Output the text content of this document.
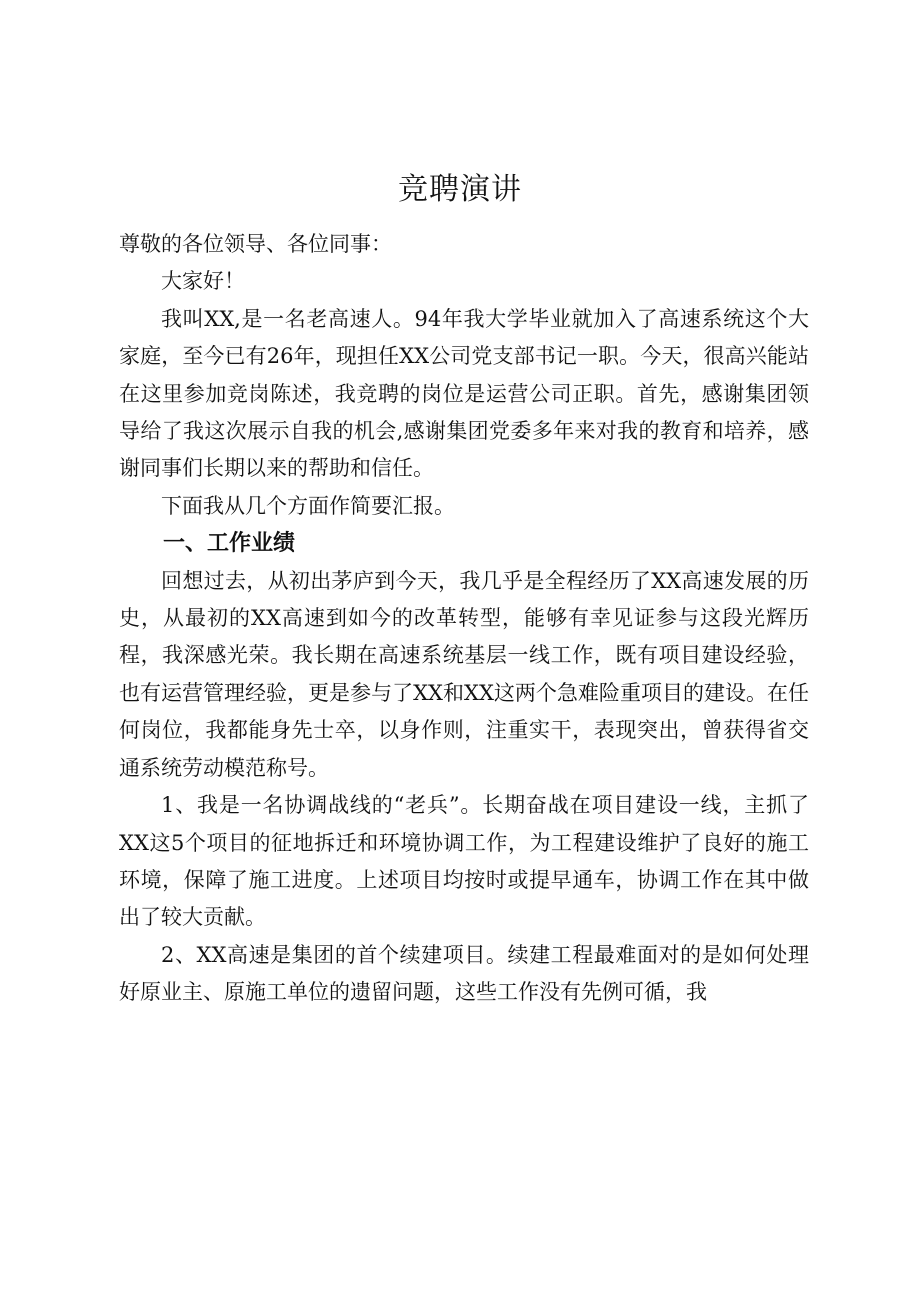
竞聘演讲

尊敬的各位领导、各位同事：

大家好！

我叫XX,是一名老高速人。94年我大学毕业就加入了高速系统这个大家庭，至今已有26年，现担任XX公司党支部书记一职。今天，很高兴能站在这里参加竞岗陈述，我竞聘的岗位是运营公司正职。首先，感谢集团领导给了我这次展示自我的机会,感谢集团党委多年来对我的教育和培养，感谢同事们长期以来的帮助和信任。

下面我从几个方面作简要汇报。

一、工作业绩

回想过去，从初出茅庐到今天，我几乎是全程经历了XX高速发展的历史，从最初的XX高速到如今的改革转型，能够有幸见证参与这段光辉历程，我深感光荣。我长期在高速系统基层一线工作，既有项目建设经验，也有运营管理经验，更是参与了XX和XX这两个急难险重项目的建设。在任何岗位，我都能身先士卒，以身作则，注重实干，表现突出，曾获得省交通系统劳动模范称号。

1、我是一名协调战线的“老兵”。长期奋战在项目建设一线，主抓了XX这5个项目的征地拆迁和环境协调工作，为工程建设维护了良好的施工环境，保障了施工进度。上述项目均按时或提早通车，协调工作在其中做出了较大贡献。

2、XX高速是集团的首个续建项目。续建工程最难面对的是如何处理好原业主、原施工单位的遗留问题，这些工作没有先例可循，我
